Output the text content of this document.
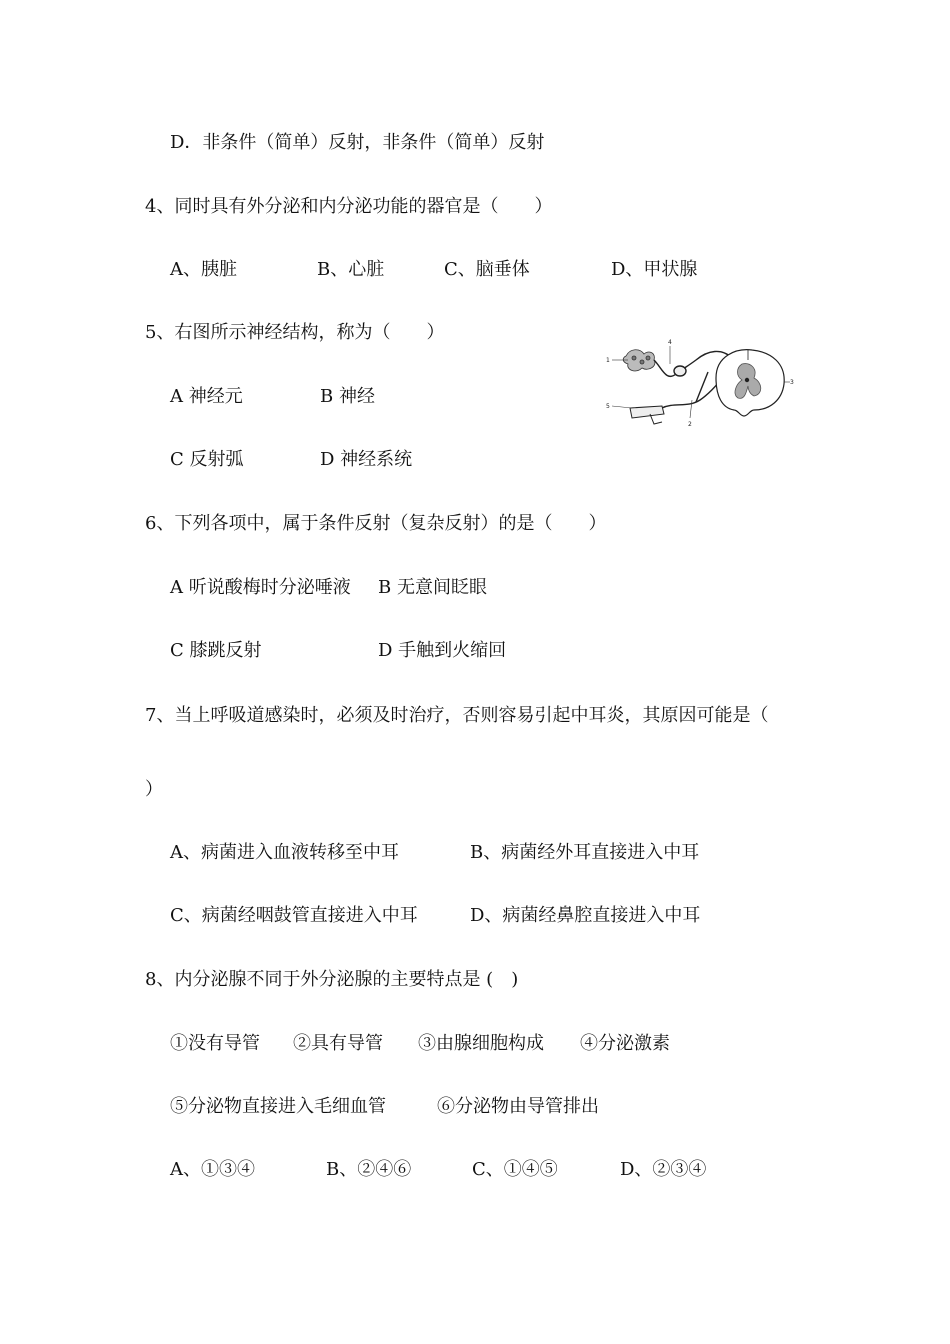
D．非条件（简单）反射，非条件（简单）反射
4、同时具有外分泌和内分泌功能的器官是（　　）
A、胰脏	B、心脏	C、脑垂体	D、甲状腺
5、右图所示神经结构，称为（　　）
A 神经元	B 神经
C 反射弧	D 神经系统
1
2
3
4
5
6、下列各项中，属于条件反射（复杂反射）的是（　　）
A 听说酸梅时分泌唾液 B 无意间眨眼
C 膝跳反射	D 手触到火缩回
7、当上呼吸道感染时，必须及时治疗，否则容易引起中耳炎，其原因可能是（
）
A、病菌进入血液转移至中耳	B、病菌经外耳直接进入中耳
C、病菌经咽鼓管直接进入中耳	D、病菌经鼻腔直接进入中耳
8、内分泌腺不同于外分泌腺的主要特点是 (　)
①没有导管 ②具有导管 ③由腺细胞构成 ④分泌激素
⑤分泌物直接进入毛细血管	⑥分泌物由导管排出
A、①③④	B、②④⑥	C、①④⑤	D、②③④
